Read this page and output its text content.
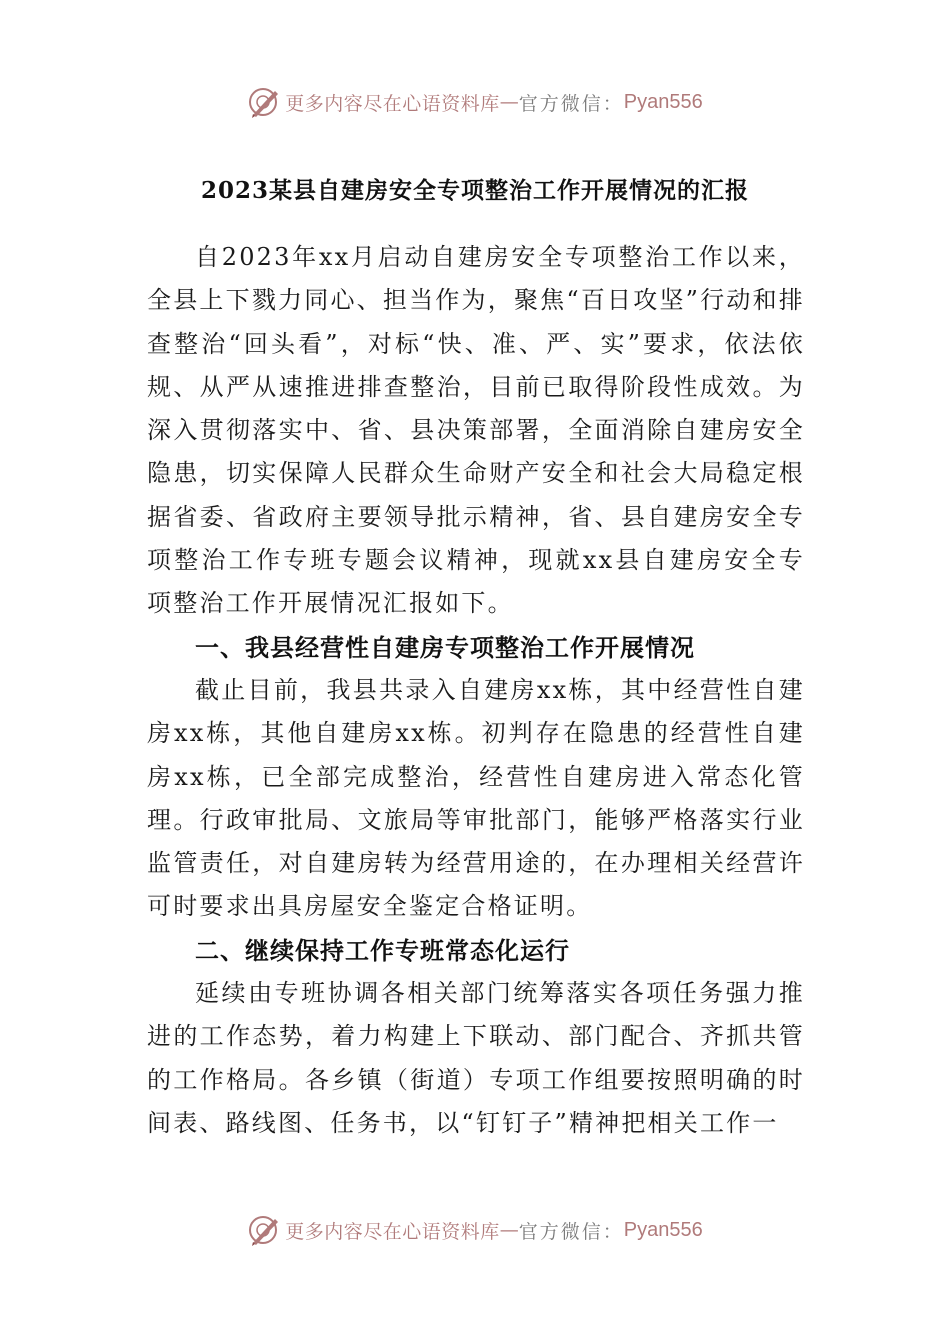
更多内容尽在心语资料库 — 官方微信： Pyan556
2023某县自建房安全专项整治工作开展情况的汇报

自2023年xx月启动自建房安全专项整治工作以来，全县上下戮力同心、担当作为，聚焦“百日攻坚”行动和排查整治“回头看”，对标“快、准、严、实”要求，依法依规、从严从速推进排查整治，目前已取得阶段性成效。为深入贯彻落实中、省、县决策部署，全面消除自建房安全隐患，切实保障人民群众生命财产安全和社会大局稳定根据省委、省政府主要领导批示精神，省、县自建房安全专项整治工作专班专题会议精神，现就xx县自建房安全专项整治工作开展情况汇报如下。

一、我县经营性自建房专项整治工作开展情况

截止目前，我县共录入自建房xx栋，其中经营性自建房xx栋，其他自建房xx栋。初判存在隐患的经营性自建房xx栋，已全部完成整治，经营性自建房进入常态化管理。行政审批局、文旅局等审批部门，能够严格落实行业监管责任，对自建房转为经营用途的，在办理相关经营许可时要求出具房屋安全鉴定合格证明。

二、继续保持工作专班常态化运行

延续由专班协调各相关部门统筹落实各项任务强力推进的工作态势，着力构建上下联动、部门配合、齐抓共管的工作格局。各乡镇（街道）专项工作组要按照明确的时间表、路线图、任务书，以“钉钉子”精神把相关工作一

更多内容尽在心语资料库 — 官方微信： Pyan556
